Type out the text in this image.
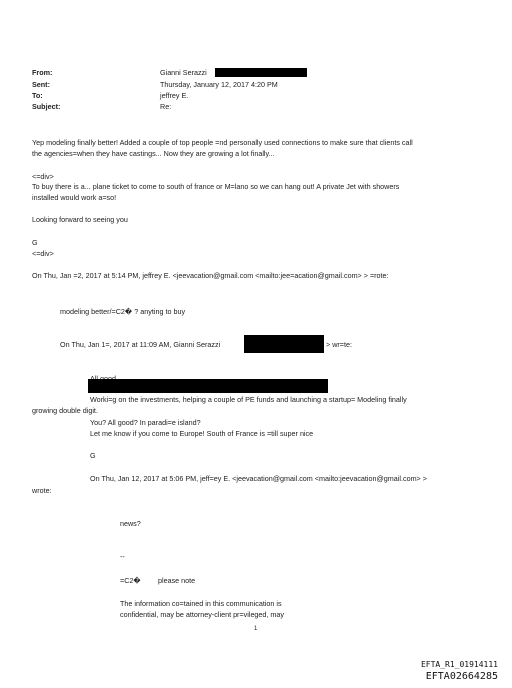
From:
Sent:
To:
Subject:
Gianni Serazzi
Thursday, January 12, 2017 4:20 PM
jeffrey E.
Re:
Yep modeling finally better! Added a couple of top people =nd personally used connections to make sure that clients call
the agencies=when they have castings... Now they are growing a lot finally...
<=div>
To buy there is a... plane ticket to come to south of france or M=lano so we can hang out! A private Jet with showers
installed would work a=so!
Looking forward to seeing you
G
<=div>
On Thu, Jan =2, 2017 at 5:14 PM, jeffrey E. <jeevacation@gmail.com <mailto:jee=acation@gmail.com> > =rote:
modeling better/=C2� ? anyting to buy
On Thu, Jan 1=, 2017 at 11:09 AM, Gianni Serazzi	> wr=te:
Worki=g on the investments, helping a couple of PE funds and launching a startup= Modeling finally
growing double digit.
You? All good? In paradi=e island?
Let me know if you come to Europe! South of France is =till super nice
G
On Thu, Jan 12, 2017 at 5:06 PM, jeff=ey E. <jeevacation@gmail.com <mailto:jeevacation@gmail.com> >
wrote:
news?
--
=C2� please note
The information co=tained in this communication is
confidential, may be attorney-client pr=vileged, may
1
EFTA_R1_01914111
EFTA02664285
